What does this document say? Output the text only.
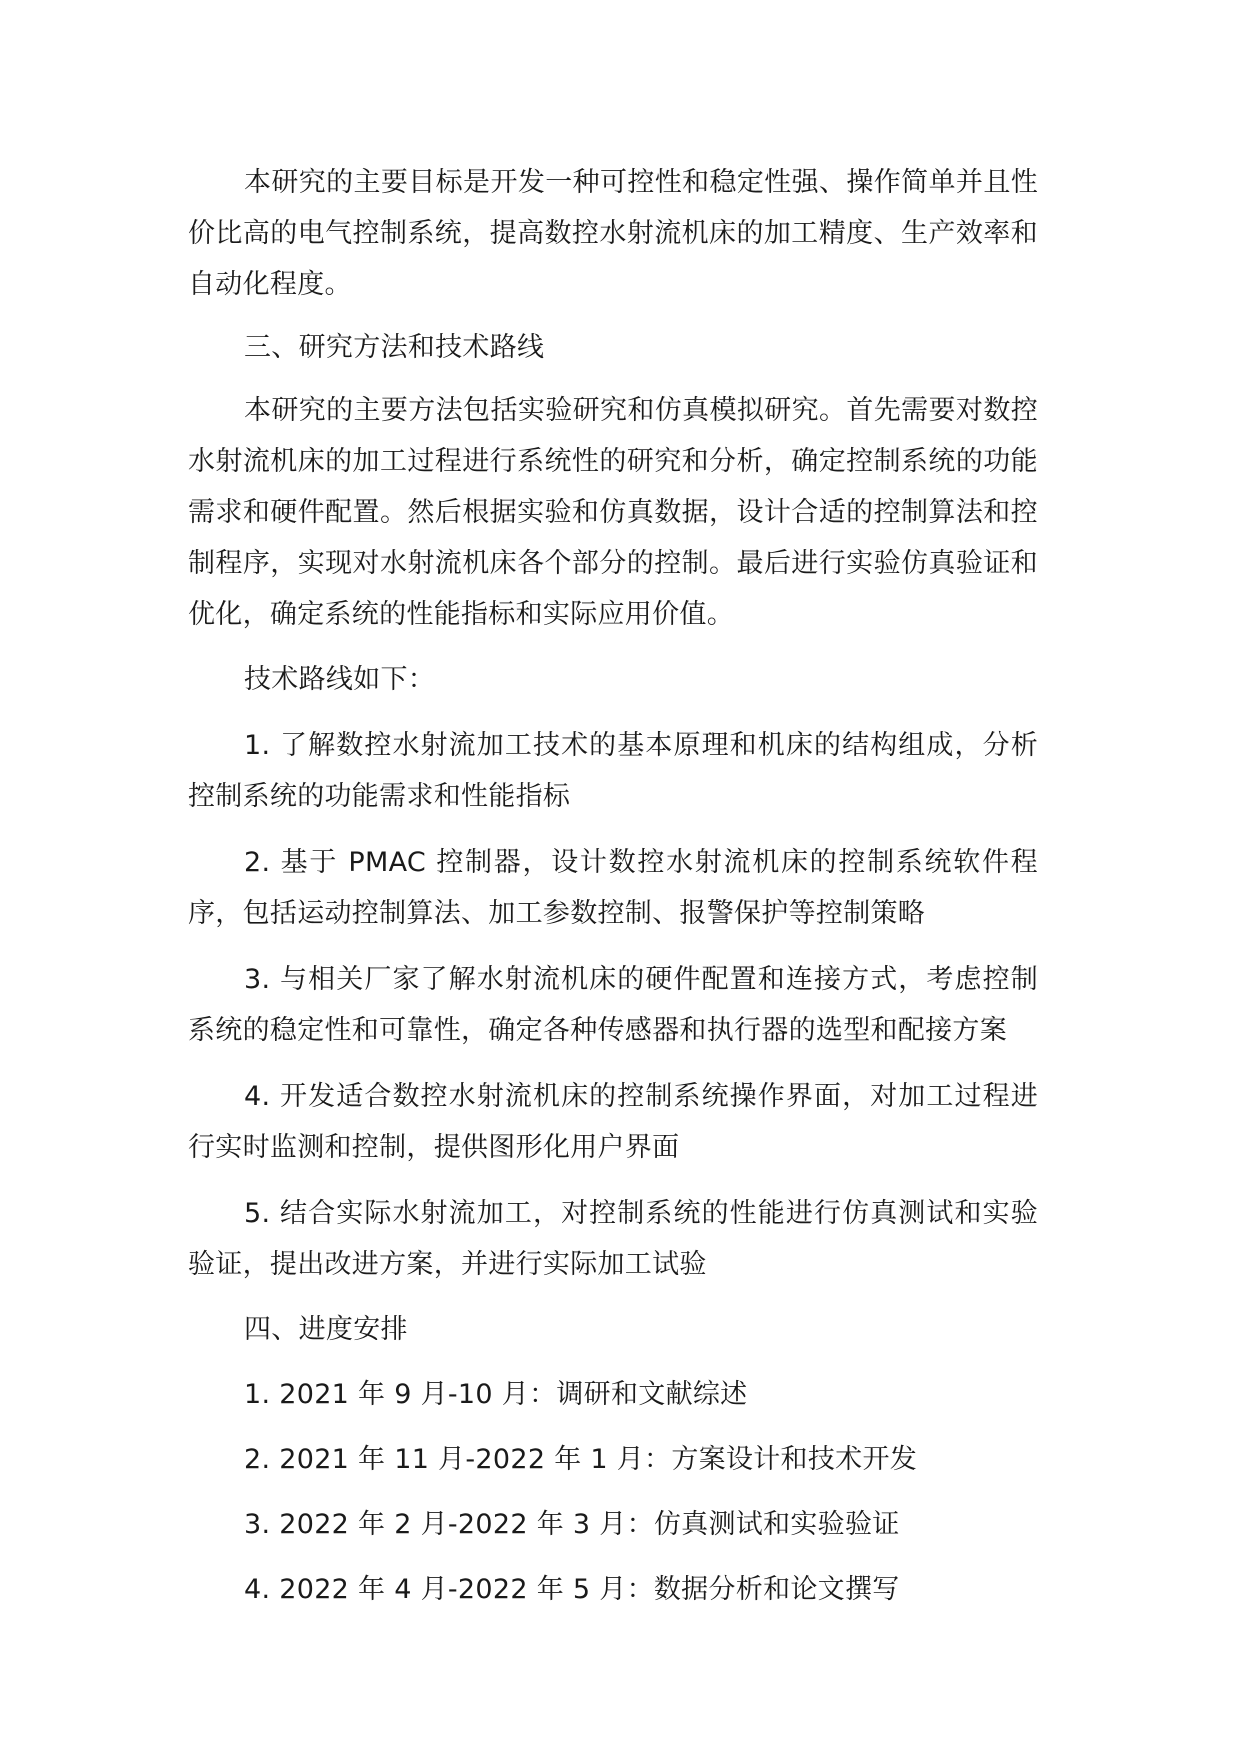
本研究的主要目标是开发一种可控性和稳定性强、操作简单并且性价比高的电气控制系统，提高数控水射流机床的加工精度、生产效率和自动化程度。

三、研究方法和技术路线

本研究的主要方法包括实验研究和仿真模拟研究。首先需要对数控水射流机床的加工过程进行系统性的研究和分析，确定控制系统的功能需求和硬件配置。然后根据实验和仿真数据，设计合适的控制算法和控制程序，实现对水射流机床各个部分的控制。最后进行实验仿真验证和优化，确定系统的性能指标和实际应用价值。

技术路线如下：

1. 了解数控水射流加工技术的基本原理和机床的结构组成，分析控制系统的功能需求和性能指标

2. 基于 PMAC 控制器，设计数控水射流机床的控制系统软件程序，包括运动控制算法、加工参数控制、报警保护等控制策略

3. 与相关厂家了解水射流机床的硬件配置和连接方式，考虑控制系统的稳定性和可靠性，确定各种传感器和执行器的选型和配接方案

4. 开发适合数控水射流机床的控制系统操作界面，对加工过程进行实时监测和控制，提供图形化用户界面

5. 结合实际水射流加工，对控制系统的性能进行仿真测试和实验验证，提出改进方案，并进行实际加工试验

四、进度安排

1. 2021 年 9 月-10 月：调研和文献综述

2. 2021 年 11 月-2022 年 1 月：方案设计和技术开发

3. 2022 年 2 月-2022 年 3 月：仿真测试和实验验证

4. 2022 年 4 月-2022 年 5 月：数据分析和论文撰写
